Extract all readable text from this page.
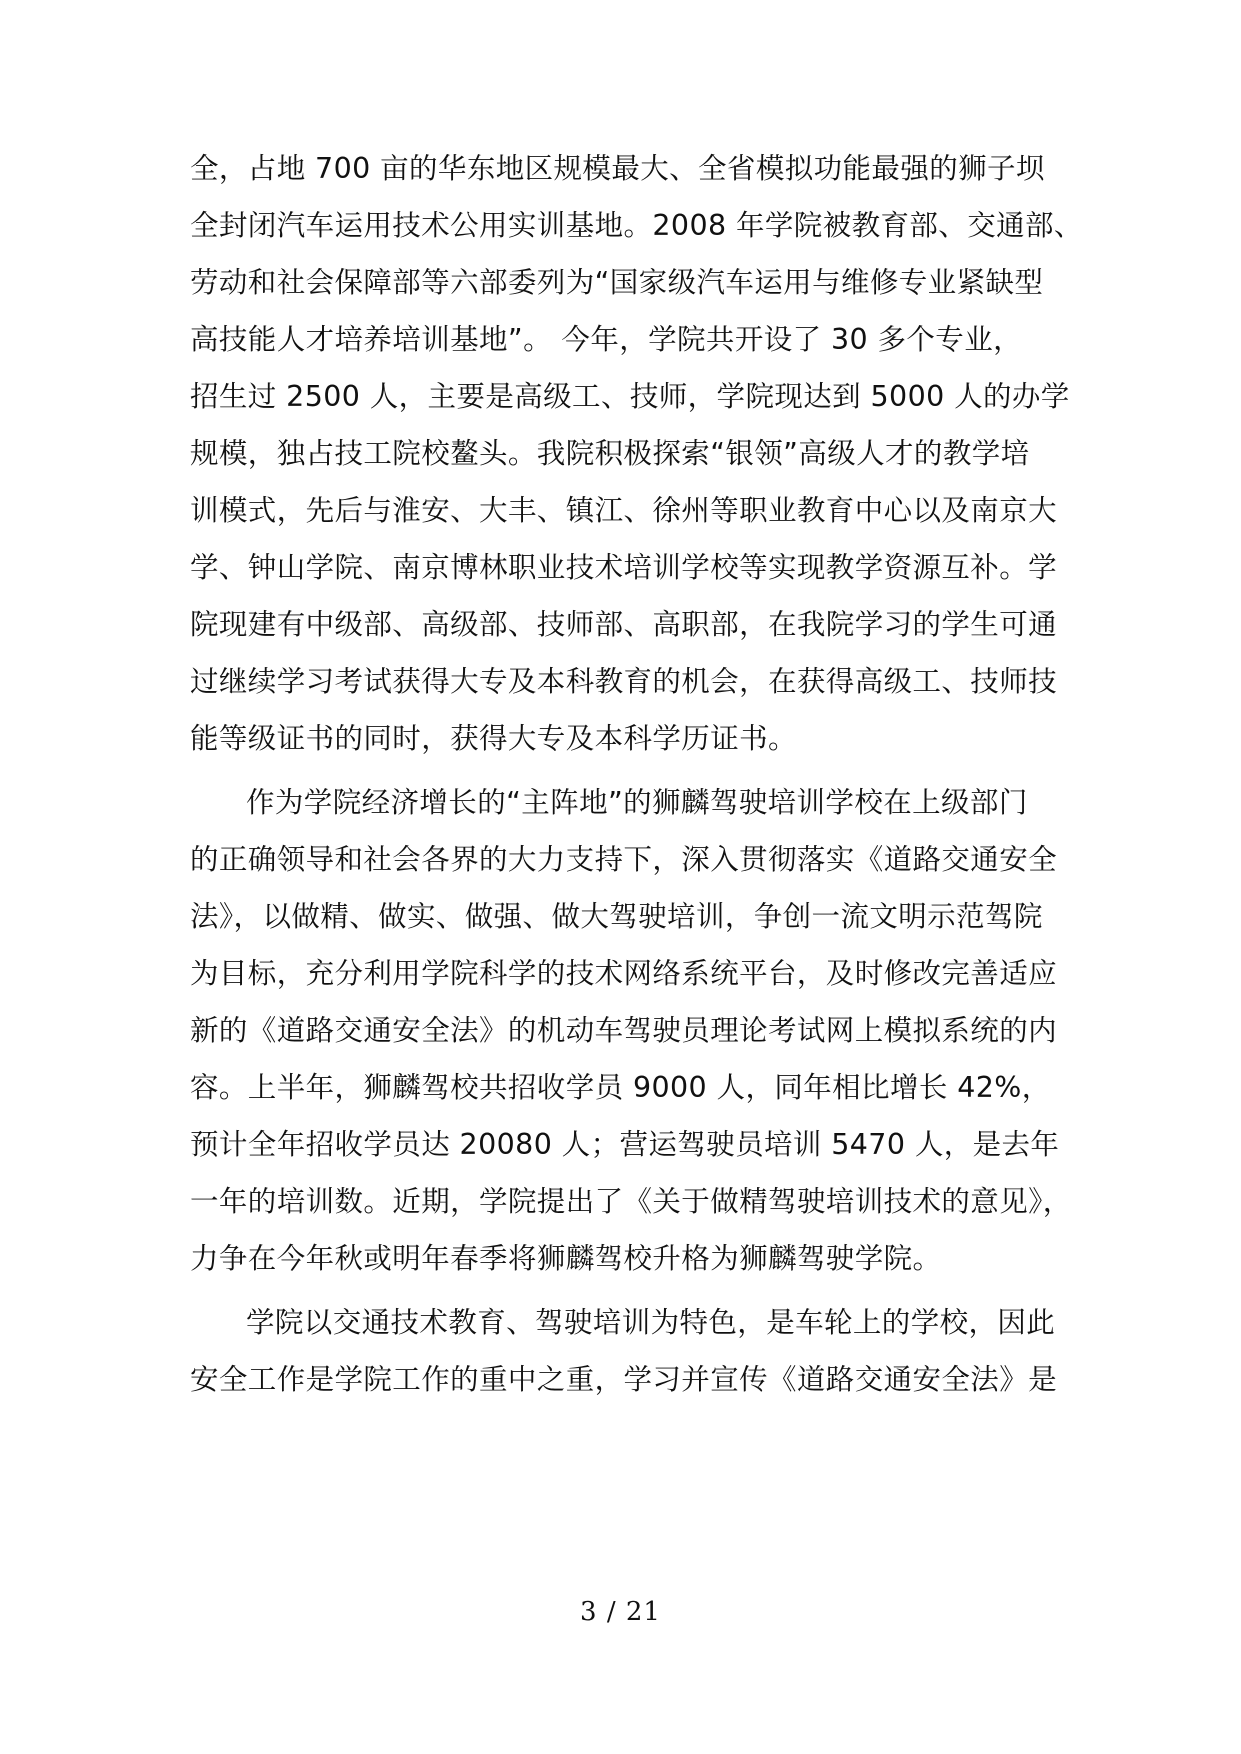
全，占地 700 亩的华东地区规模最大、全省模拟功能最强的狮子坝
全封闭汽车运用技术公用实训基地。2008 年学院被教育部、交通部、
劳动和社会保障部等六部委列为“国家级汽车运用与维修专业紧缺型
高技能人才培养培训基地”。 今年，学院共开设了 30 多个专业，
招生过 2500 人，主要是高级工、技师，学院现达到 5000 人的办学
规模，独占技工院校鳌头。我院积极探索“银领”高级人才的教学培
训模式，先后与淮安、大丰、镇江、徐州等职业教育中心以及南京大
学、钟山学院、南京博林职业技术培训学校等实现教学资源互补。学
院现建有中级部、高级部、技师部、高职部，在我院学习的学生可通
过继续学习考试获得大专及本科教育的机会，在获得高级工、技师技
能等级证书的同时，获得大专及本科学历证书。
作为学院经济增长的“主阵地”的狮麟驾驶培训学校在上级部门
的正确领导和社会各界的大力支持下，深入贯彻落实《道路交通安全
法》，以做精、做实、做强、做大驾驶培训，争创一流文明示范驾院
为目标，充分利用学院科学的技术网络系统平台，及时修改完善适应
新的《道路交通安全法》的机动车驾驶员理论考试网上模拟系统的内
容。上半年，狮麟驾校共招收学员 9000 人，同年相比增长 42%，
预计全年招收学员达 20080 人；营运驾驶员培训 5470 人，是去年
一年的培训数。近期，学院提出了《关于做精驾驶培训技术的意见》，
力争在今年秋或明年春季将狮麟驾校升格为狮麟驾驶学院。
学院以交通技术教育、驾驶培训为特色，是车轮上的学校，因此
安全工作是学院工作的重中之重，学习并宣传《道路交通安全法》是
3 / 21
